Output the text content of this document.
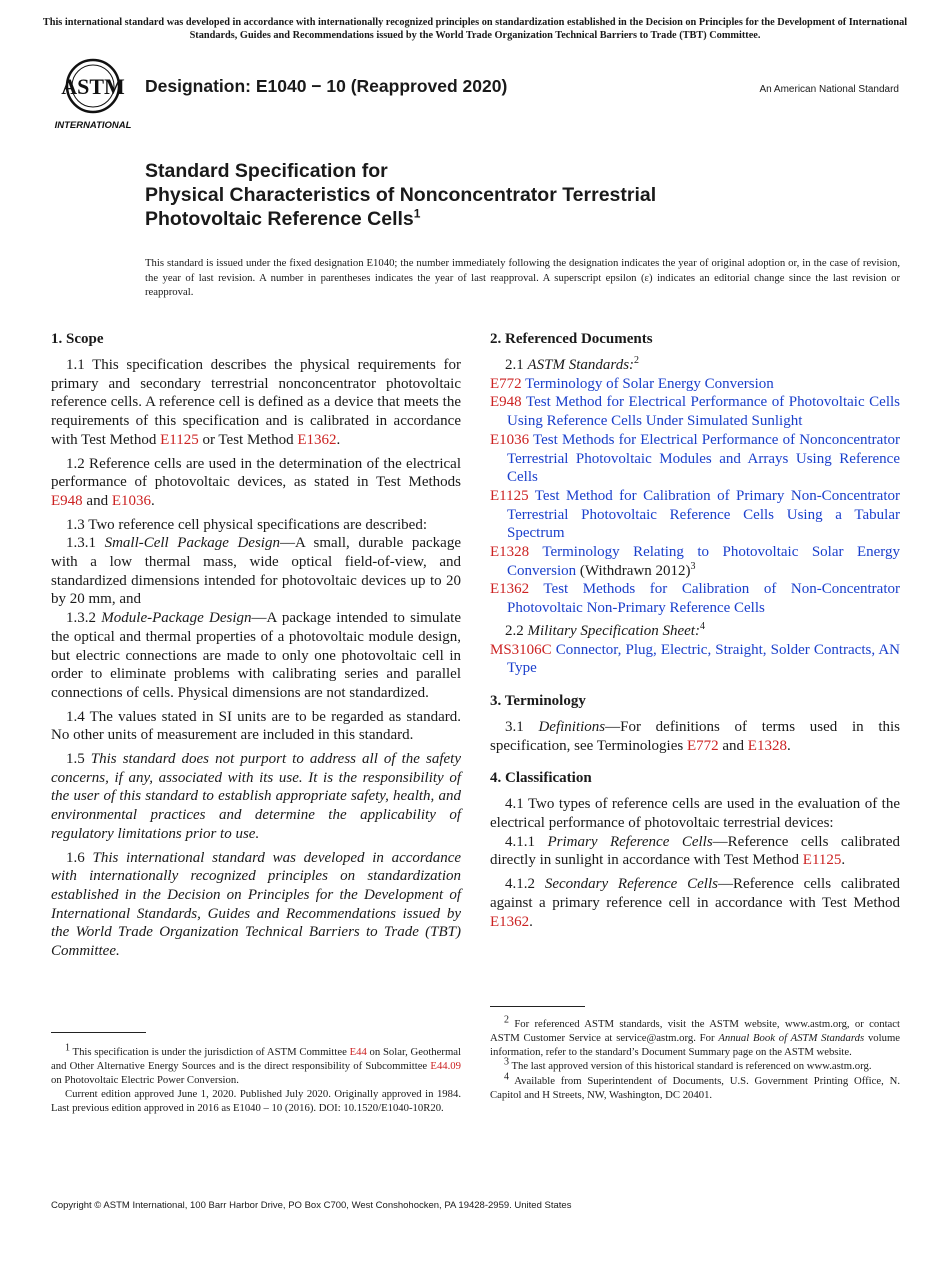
This international standard was developed in accordance with internationally recognized principles on standardization established in the Decision on Principles for the Development of International Standards, Guides and Recommendations issued by the World Trade Organization Technical Barriers to Trade (TBT) Committee.
ASTM
INTERNATIONAL
Designation: E1040 − 10 (Reapproved 2020)	An American National Standard
Standard Specification for
Physical Characteristics of Nonconcentrator Terrestrial
Photovoltaic Reference Cells$^1$
This standard is issued under the fixed designation E1040; the number immediately following the designation indicates the year of original adoption or, in the case of revision, the year of last revision. A number in parentheses indicates the year of last reapproval. A superscript epsilon (ε) indicates an editorial change since the last revision or reapproval.
1. Scope

1.1 This specification describes the physical requirements for primary and secondary terrestrial nonconcentrator photovoltaic reference cells. A reference cell is defined as a device that meets the requirements of this specification and is calibrated in accordance with Test Method E1125 or Test Method E1362.

1.2 Reference cells are used in the determination of the electrical performance of photovoltaic devices, as stated in Test Methods E948 and E1036.

1.3 Two reference cell physical specifications are described:

1.3.1 Small-Cell Package Design—A small, durable package with a low thermal mass, wide optical field-of-view, and standardized dimensions intended for photovoltaic devices up to 20 by 20 mm, and

1.3.2 Module-Package Design—A package intended to simulate the optical and thermal properties of a photovoltaic module design, but electric connections are made to only one photovoltaic cell in order to eliminate problems with calibrating series and parallel connections of cells. Physical dimensions are not standardized.

1.4 The values stated in SI units are to be regarded as standard. No other units of measurement are included in this standard.

1.5 This standard does not purport to address all of the safety concerns, if any, associated with its use. It is the responsibility of the user of this standard to establish appropriate safety, health, and environmental practices and determine the applicability of regulatory limitations prior to use.

1.6 This international standard was developed in accordance with internationally recognized principles on standardization established in the Decision on Principles for the Development of International Standards, Guides and Recommendations issued by the World Trade Organization Technical Barriers to Trade (TBT) Committee.

$^1$ This specification is under the jurisdiction of ASTM Committee E44 on Solar, Geothermal and Other Alternative Energy Sources and is the direct responsibility of Subcommittee E44.09 on Photovoltaic Electric Power Conversion.

Current edition approved June 1, 2020. Published July 2020. Originally approved in 1984. Last previous edition approved in 2016 as E1040 – 10 (2016). DOI: 10.1520/E1040-10R20.

2. Referenced Documents

2.1 ASTM Standards:$^2$

E772 Terminology of Solar Energy Conversion

E948 Test Method for Electrical Performance of Photovoltaic Cells Using Reference Cells Under Simulated Sunlight

E1036 Test Methods for Electrical Performance of Nonconcentrator Terrestrial Photovoltaic Modules and Arrays Using Reference Cells

E1125 Test Method for Calibration of Primary Non-Concentrator Terrestrial Photovoltaic Reference Cells Using a Tabular Spectrum

E1328 Terminology Relating to Photovoltaic Solar Energy Conversion (Withdrawn 2012)$^3$

E1362 Test Methods for Calibration of Non-Concentrator Photovoltaic Non-Primary Reference Cells

2.2 Military Specification Sheet:$^4$

MS3106C Connector, Plug, Electric, Straight, Solder Contracts, AN Type

3. Terminology

3.1 Definitions—For definitions of terms used in this specification, see Terminologies E772 and E1328.

4. Classification

4.1 Two types of reference cells are used in the evaluation of the electrical performance of photovoltaic terrestrial devices:

4.1.1 Primary Reference Cells—Reference cells calibrated directly in sunlight in accordance with Test Method E1125.

4.1.2 Secondary Reference Cells—Reference cells calibrated against a primary reference cell in accordance with Test Method E1362.

$^2$ For referenced ASTM standards, visit the ASTM website, www.astm.org, or contact ASTM Customer Service at service@astm.org. For Annual Book of ASTM Standards volume information, refer to the standard’s Document Summary page on the ASTM website.

$^3$ The last approved version of this historical standard is referenced on www.astm.org.

$^4$ Available from Superintendent of Documents, U.S. Government Printing Office, N. Capitol and H Streets, NW, Washington, DC 20401.

Copyright © ASTM International, 100 Barr Harbor Drive, PO Box C700, West Conshohocken, PA 19428-2959. United States
